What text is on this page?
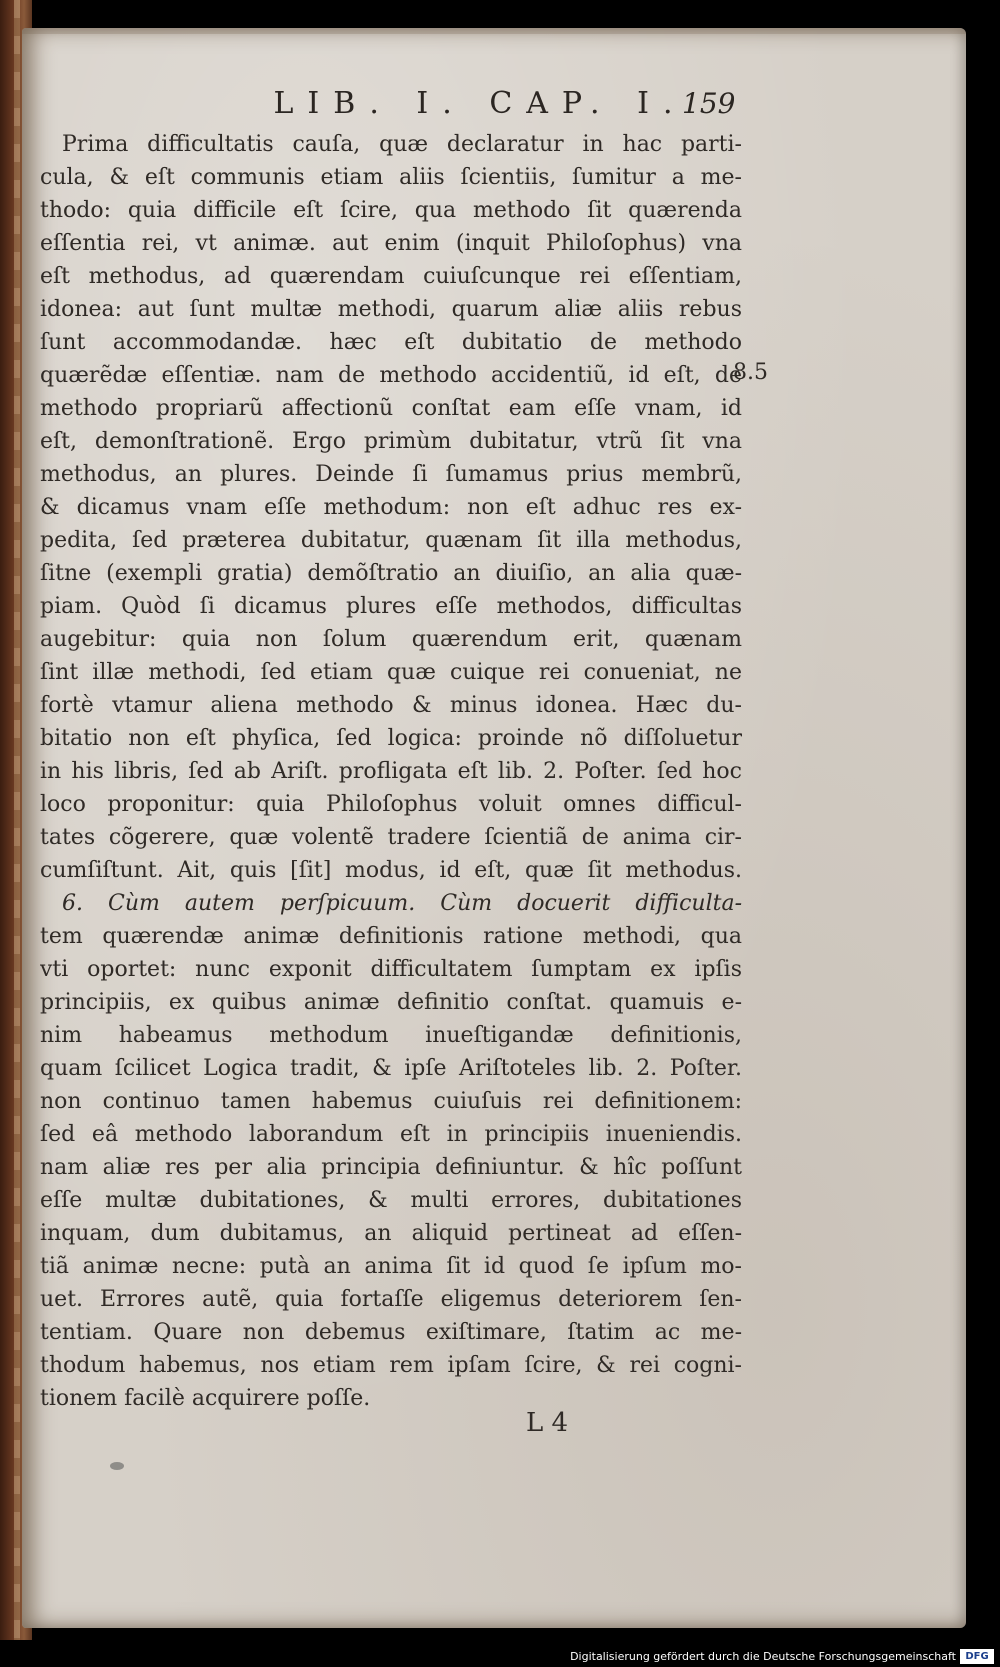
LIB. I. CAP. I.
159
Prima difficultatis cauſa, quæ declaratur in hac parti-
cula, & eſt communis etiam aliis ſcientiis, ſumitur a me-
thodo: quia difficile eſt ſcire, qua methodo ſit quærenda
eſſentia rei, vt animæ. aut enim (inquit Philoſophus) vna
eſt methodus, ad quærendam cuiuſcunque rei eſſentiam,
idonea: aut ſunt multæ methodi, quarum aliæ aliis rebus
ſunt accommodandæ. hæc eſt dubitatio de methodo
quærẽdæ eſſentiæ. nam de methodo accidentiũ, id eſt, de
methodo propriarũ affectionũ conſtat eam eſſe vnam, id
eſt, demonſtrationẽ. Ergo primùm dubitatur, vtrũ ſit vna
methodus, an plures. Deinde ſi ſumamus prius membrũ,
& dicamus vnam eſſe methodum: non eſt adhuc res ex-
pedita, ſed præterea dubitatur, quænam ſit illa methodus,
ſitne (exempli gratia) demõſtratio an diuiſio, an alia quæ-
piam. Quòd ſi dicamus plures eſſe methodos, difficultas
augebitur: quia non ſolum quærendum erit, quænam
ſint illæ methodi, ſed etiam quæ cuique rei conueniat, ne
fortè vtamur aliena methodo & minus idonea. Hæc du-
bitatio non eſt phyſica, ſed logica: proinde nõ diſſoluetur
in his libris, ſed ab Ariſt. profligata eſt lib. 2. Poſter. ſed hoc
loco proponitur: quia Philoſophus voluit omnes difficul-
tates cõgerere, quæ volentẽ tradere ſcientiã de anima cir-
cumſiſtunt. Ait, quis [ſit] modus, id eſt, quæ ſit methodus.
6. Cùm autem perſpicuum. Cùm docuerit difficulta-
tem quærendæ animæ definitionis ratione methodi, qua
vti oportet: nunc exponit difficultatem ſumptam ex ipſis
principiis, ex quibus animæ definitio conſtat. quamuis e-
nim habeamus methodum inueſtigandæ definitionis,
quam ſcilicet Logica tradit, & ipſe Ariſtoteles lib. 2. Poſter.
non continuo tamen habemus cuiuſuis rei definitionem:
ſed eâ methodo laborandum eſt in principiis inueniendis.
nam aliæ res per alia principia definiuntur. & hîc poſſunt
eſſe multæ dubitationes, & multi errores, dubitationes
inquam, dum dubitamus, an aliquid pertineat ad eſſen-
tiã animæ necne: putà an anima ſit id quod ſe ipſum mo-
uet. Errores autẽ, quia fortaſſe eligemus deteriorem ſen-
tentiam. Quare non debemus exiſtimare, ſtatim ac me-
thodum habemus, nos etiam rem ipſam ſcire, & rei cogni-
tionem facilè acquirere poſſe.
8.5
L 4
Digitalisierung gefördert durch die Deutsche Forschungsgemeinschaft DFG
